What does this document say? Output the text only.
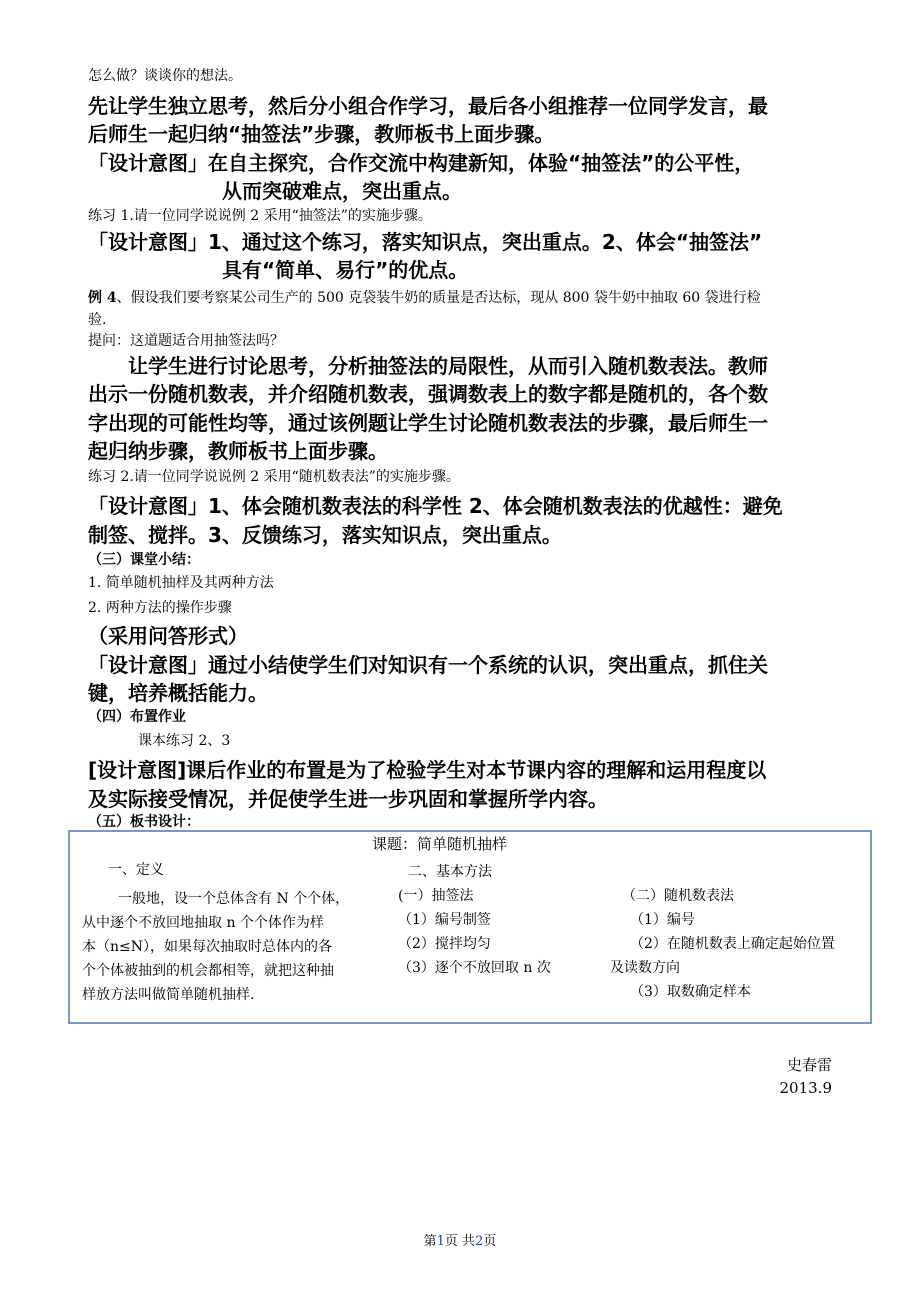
怎么做？谈谈你的想法。
先让学生独立思考，然后分小组合作学习，最后各小组推荐一位同学发言，最
后师生一起归纳“抽签法”步骤，教师板书上面步骤。
「设计意图」在自主探究，合作交流中构建新知，体验“抽签法”的公平性，
从而突破难点，突出重点。
练习 1.请一位同学说说例 2 采用“抽签法”的实施步骤。
「设计意图」1、通过这个练习，落实知识点，突出重点。2、体会“抽签法”
具有“简单、易行”的优点。
例 4、假设我们要考察某公司生产的 500 克袋装牛奶的质量是否达标，现从 800 袋牛奶中抽取 60 袋进行检
验.
提问：这道题适合用抽签法吗？
让学生进行讨论思考，分析抽签法的局限性，从而引入随机数表法。教师
出示一份随机数表，并介绍随机数表，强调数表上的数字都是随机的，各个数
字出现的可能性均等，通过该例题让学生讨论随机数表法的步骤，最后师生一
起归纳步骤，教师板书上面步骤。
练习 2.请一位同学说说例 2 采用“随机数表法”的实施步骤。
「设计意图」1、体会随机数表法的科学性 2、体会随机数表法的优越性：避免
制签、搅拌。3、反馈练习，落实知识点，突出重点。
（三）课堂小结：
1. 简单随机抽样及其两种方法
2. 两种方法的操作步骤
（采用问答形式）
「设计意图」通过小结使学生们对知识有一个系统的认识，突出重点，抓住关
键，培养概括能力。
（四）布置作业
课本练习 2、3
[设计意图]课后作业的布置是为了检验学生对本节课内容的理解和运用程度以
及实际接受情况，并促使学生进一步巩固和掌握所学内容。
（五）板书设计：
课题：简单随机抽样
一、定义
一般地，设一个总体含有 N 个个体，
从中逐个不放回地抽取 n 个个体作为样
本（n≤N），如果每次抽取时总体内的各
个个体被抽到的机会都相等，就把这种抽
样放方法叫做简单随机抽样.
二、基本方法
(一）抽签法
（1）编号制签
（2）搅拌均匀
（3）逐个不放回取 n 次
（二）随机数表法
（1）编号
（2）在随机数表上确定起始位置
及读数方向
（3）取数确定样本
史春雷
2013.9
第1页 共2页
